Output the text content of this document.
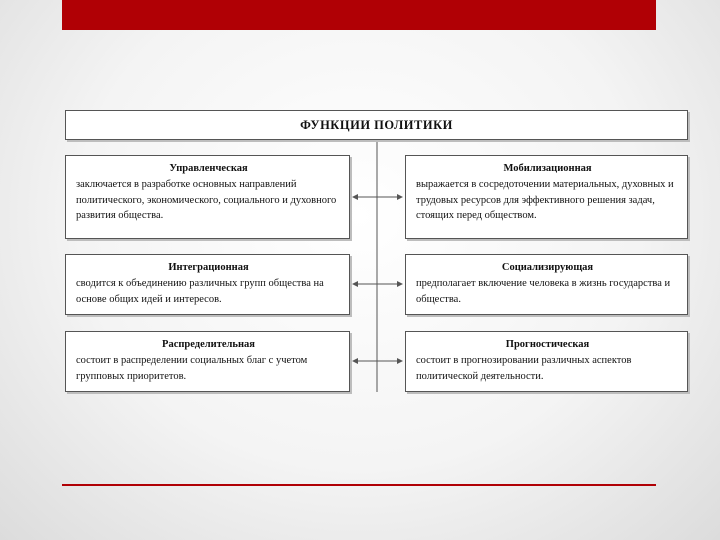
ФУНКЦИИ ПОЛИТИКИ
Управленческая
заключается в разработке основных направлений политического, экономического, социального и духовного развития общества.
Мобилизационная
выражается в сосредоточении материальных, духовных и трудовых ресурсов для эффективного решения задач, стоящих перед обществом.
Интеграционная
сводится к объединению различных групп общества на основе общих идей и интересов.
Социализирующая
предполагает включение человека в жизнь государства и общества.
Распределительная
состоит в распределении социальных благ с учетом групповых приоритетов.
Прогностическая
состоит в прогнозировании различных аспектов политической деятельности.
